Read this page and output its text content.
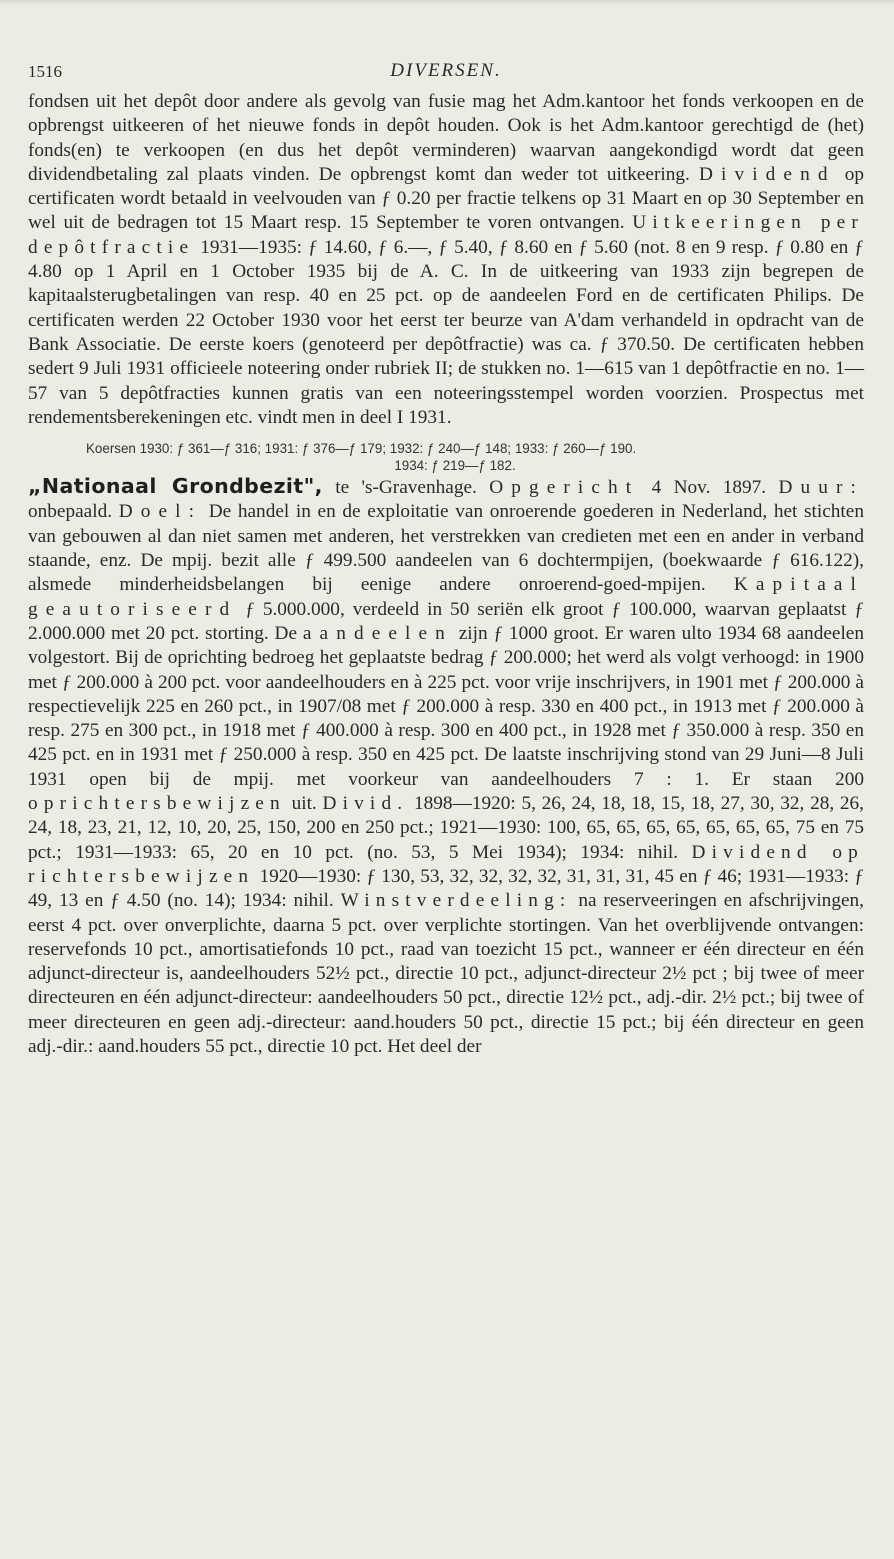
1516	DIVERSEN.

fondsen uit het depôt door andere als gevolg van fusie mag het Adm.kantoor het fonds verkoopen en de opbrengst uitkeeren of het nieuwe fonds in depôt houden. Ook is het Adm.kantoor gerechtigd de (het) fonds(en) te verkoopen (en dus het depôt verminderen) waarvan aangekondigd wordt dat geen dividendbetaling zal plaats vinden. De opbrengst komt dan weder tot uitkeering. Dividend op certificaten wordt betaald in veelvouden van ƒ 0.20 per fractie telkens op 31 Maart en op 30 September en wel uit de bedragen tot 15 Maart resp. 15 September te voren ontvangen. Uitkeeringen per depôtfractie 1931—1935: ƒ 14.60, ƒ 6.—, ƒ 5.40, ƒ 8.60 en ƒ 5.60 (not. 8 en 9 resp. ƒ 0.80 en ƒ 4.80 op 1 April en 1 October 1935 bij de A. C. In de uitkeering van 1933 zijn begrepen de kapitaalsterugbetalingen van resp. 40 en 25 pct. op de aandeelen Ford en de certificaten Philips. De certificaten werden 22 October 1930 voor het eerst ter beurze van A'dam verhandeld in opdracht van de Bank Associatie. De eerste koers (genoteerd per depôtfractie) was ca. ƒ 370.50. De certificaten hebben sedert 9 Juli 1931 officieele noteering onder rubriek II; de stukken no. 1—615 van 1 depôtfractie en no. 1—57 van 5 depôtfracties kunnen gratis van een noteeringsstempel worden voorzien. Prospectus met rendementsberekeningen etc. vindt men in deel I 1931.

Koersen 1930: ƒ 361—ƒ 316; 1931: ƒ 376—ƒ 179; 1932: ƒ 240—ƒ 148; 1933: ƒ 260—ƒ 190.
1934: ƒ 219—ƒ 182.

„Nationaal Grondbezit", te 's-Gravenhage. Opgericht 4 Nov. 1897. Duur: onbepaald. Doel: De handel in en de exploitatie van onroerende goederen in Nederland, het stichten van gebouwen al dan niet samen met anderen, het verstrekken van credieten met een en ander in verband staande, enz. De mpij. bezit alle ƒ 499.500 aandeelen van 6 dochtermpijen, (boekwaarde ƒ 616.122), alsmede minderheidsbelangen bij eenige andere onroerend-goed-mpijen. Kapitaal geautoriseerd ƒ 5.000.000, verdeeld in 50 seriën elk groot ƒ 100.000, waarvan geplaatst ƒ 2.000.000 met 20 pct. storting. De aandeelen zijn ƒ 1000 groot. Er waren ulto 1934 68 aandeelen volgestort. Bij de oprichting bedroeg het geplaatste bedrag ƒ 200.000; het werd als volgt verhoogd: in 1900 met ƒ 200.000 à 200 pct. voor aandeelhouders en à 225 pct. voor vrije inschrijvers, in 1901 met ƒ 200.000 à respectievelijk 225 en 260 pct., in 1907/08 met ƒ 200.000 à resp. 330 en 400 pct., in 1913 met ƒ 200.000 à resp. 275 en 300 pct., in 1918 met ƒ 400.000 à resp. 300 en 400 pct., in 1928 met ƒ 350.000 à resp. 350 en 425 pct. en in 1931 met ƒ 250.000 à resp. 350 en 425 pct. De laatste inschrijving stond van 29 Juni—8 Juli 1931 open bij de mpij. met voorkeur van aandeelhouders 7 : 1. Er staan 200 oprichtersbewijzen uit. Divid. 1898—1920: 5, 26, 24, 18, 18, 15, 18, 27, 30, 32, 28, 26, 24, 18, 23, 21, 12, 10, 20, 25, 150, 200 en 250 pct.; 1921—1930: 100, 65, 65, 65, 65, 65, 65, 65, 75 en 75 pct.; 1931—1933: 65, 20 en 10 pct. (no. 53, 5 Mei 1934); 1934: nihil. Dividend op richtersbewijzen 1920—1930: ƒ 130, 53, 32, 32, 32, 32, 31, 31, 31, 45 en ƒ 46; 1931—1933: ƒ 49, 13 en ƒ 4.50 (no. 14); 1934: nihil. Winstverdeeling: na reserveeringen en afschrijvingen, eerst 4 pct. over onverplichte, daarna 5 pct. over verplichte stortingen. Van het overblijvende ontvangen: reservefonds 10 pct., amortisatiefonds 10 pct., raad van toezicht 15 pct., wanneer er één directeur en één adjunct-directeur is, aandeelhouders 52½ pct., directie 10 pct., adjunct-directeur 2½ pct ; bij twee of meer directeuren en één adjunct-directeur: aandeelhouders 50 pct., directie 12½ pct., adj.-dir. 2½ pct.; bij twee of meer directeuren en geen adj.-directeur: aand.houders 50 pct., directie 15 pct.; bij één directeur en geen adj.-dir.: aand.houders 55 pct., directie 10 pct. Het deel der
